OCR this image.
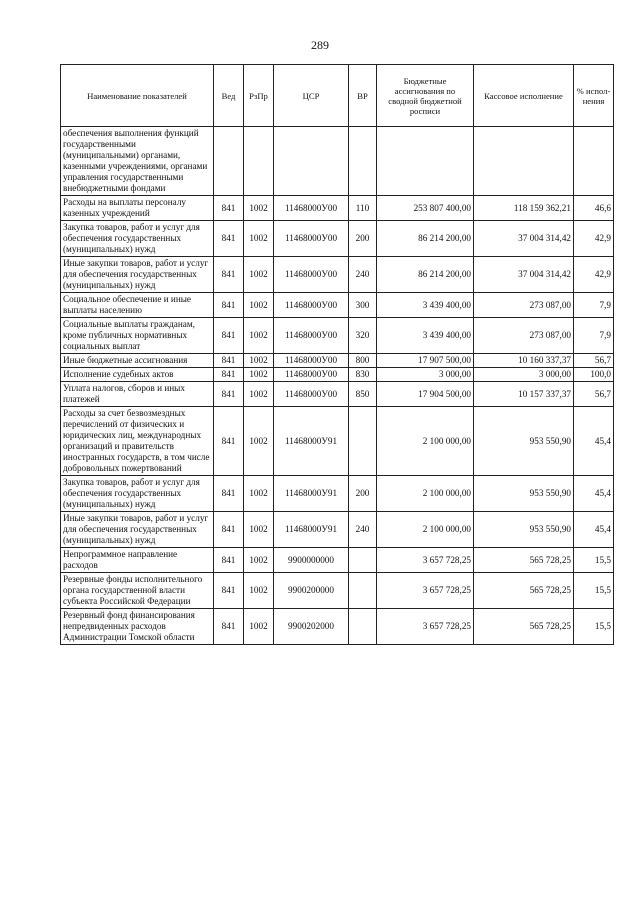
289
Наименование показателей	Вед	РзПр	ЦСР	ВР	Бюджетные ассигнования по сводной бюджетной росписи	Кассовое исполнение	% испол-нения
обеспечения выполнения функций государственными (муниципальными) органами, казенными учреждениями, органами управления государственными внебюджетными фондами							
Расходы на выплаты персоналу казенных учреждений	841	1002	11468000У00	110	253 807 400,00	118 159 362,21	46,6
Закупка товаров, работ и услуг для обеспечения государственных (муниципальных) нужд	841	1002	11468000У00	200	86 214 200,00	37 004 314,42	42,9
Иные закупки товаров, работ и услуг для обеспечения государственных (муниципальных) нужд	841	1002	11468000У00	240	86 214 200,00	37 004 314,42	42,9
Социальное обеспечение и иные выплаты населению	841	1002	11468000У00	300	3 439 400,00	273 087,00	7,9
Социальные выплаты гражданам, кроме публичных нормативных социальных выплат	841	1002	11468000У00	320	3 439 400,00	273 087,00	7,9
Иные бюджетные ассигнования	841	1002	11468000У00	800	17 907 500,00	10 160 337,37	56,7
Исполнение судебных актов	841	1002	11468000У00	830	3 000,00	3 000,00	100,0
Уплата налогов, сборов и иных платежей	841	1002	11468000У00	850	17 904 500,00	10 157 337,37	56,7
Расходы за счет безвозмездных перечислений от физических и юридических лиц, международных организаций и правительств иностранных государств, в том числе добровольных пожертвований	841	1002	11468000У91		2 100 000,00	953 550,90	45,4
Закупка товаров, работ и услуг для обеспечения государственных (муниципальных) нужд	841	1002	11468000У91	200	2 100 000,00	953 550,90	45,4
Иные закупки товаров, работ и услуг для обеспечения государственных (муниципальных) нужд	841	1002	11468000У91	240	2 100 000,00	953 550,90	45,4
Непрограммное направление расходов	841	1002	9900000000		3 657 728,25	565 728,25	15,5
Резервные фонды исполнительного органа государственной власти субъекта Российской Федерации	841	1002	9900200000		3 657 728,25	565 728,25	15,5
Резервный фонд финансирования непредвиденных расходов Администрации Томской области	841	1002	9900202000		3 657 728,25	565 728,25	15,5
